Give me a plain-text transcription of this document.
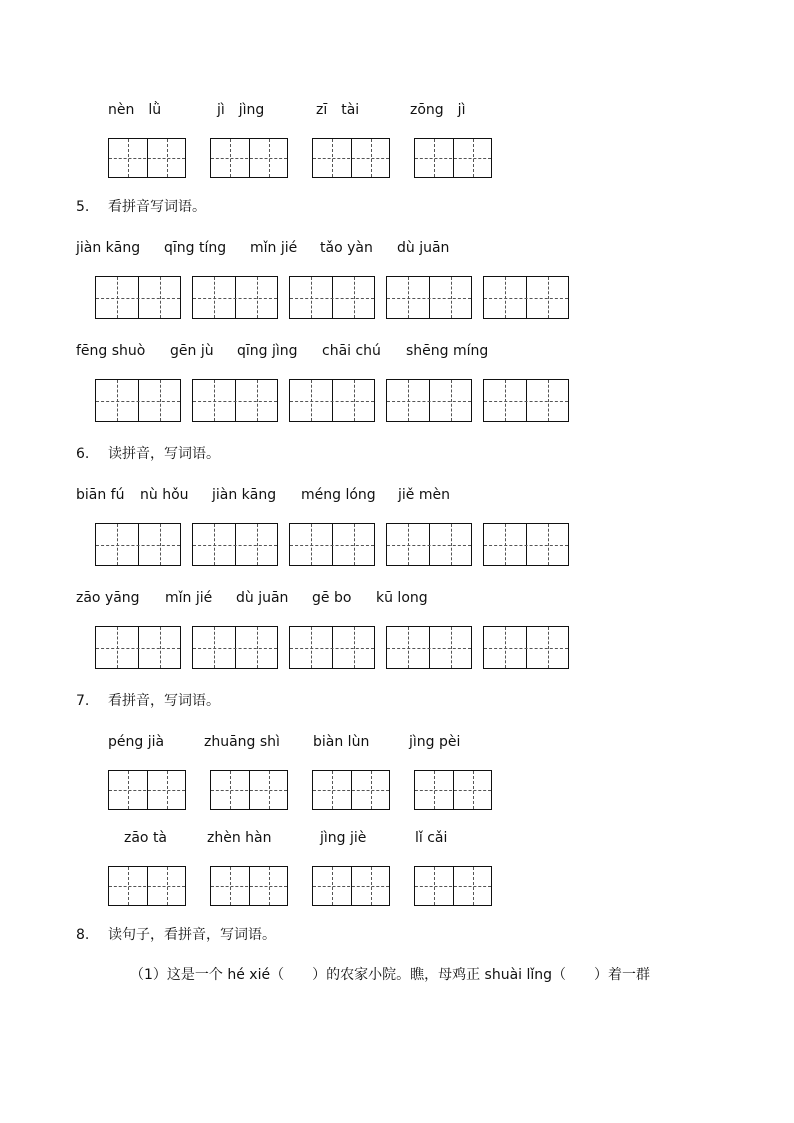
nèn　lǜ	jì　jìng	zī　tài	zōng　jì
jiàn kāng qīng tíng mǐn jié tǎo yàn dù juān
fēng shuò gēn jù qīng jìng chāi chú shēng míng
biān fú nù hǒu jiàn kāng méng lóng jiě mèn
zāo yāng mǐn jié dù juān gē bo kū long
péng jià	zhuāng shì biàn lùn	jìng pèi
zāo tà	zhèn hàn	jìng jiè	lǐ cǎi
5. 看拼音写词语。
6. 读拼音，写词语。
7. 看拼音，写词语。
8. 读句子，看拼音，写词语。
（1）这是一个 hé xié（　　）的农家小院。瞧，母鸡正 shuài lǐng（　　）着一群
